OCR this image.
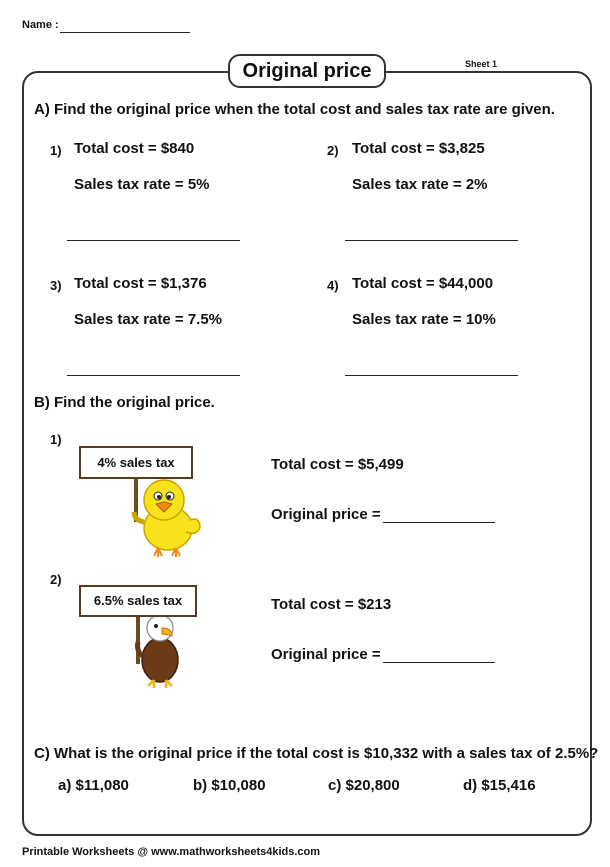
Name :
Sheet 1
Original price
A) Find the original price when the total cost and sales tax rate are given.
1) Total cost = $840
Sales tax rate = 5%
2) Total cost = $3,825
Sales tax rate = 2%
3) Total cost = $1,376
Sales tax rate = 7.5%
4) Total cost = $44,000
Sales tax rate = 10%
B) Find the original price.
1)
4% sales tax	Total cost = $5,499
Original price =
2)
6.5% sales tax	Total cost = $213
Original price =
C) What is the original price if the total cost is $10,332 with a sales tax of 2.5%?
a) $11,080	b) $10,080	c) $20,800	d) $15,416
Printable Worksheets @ www.mathworksheets4kids.com
